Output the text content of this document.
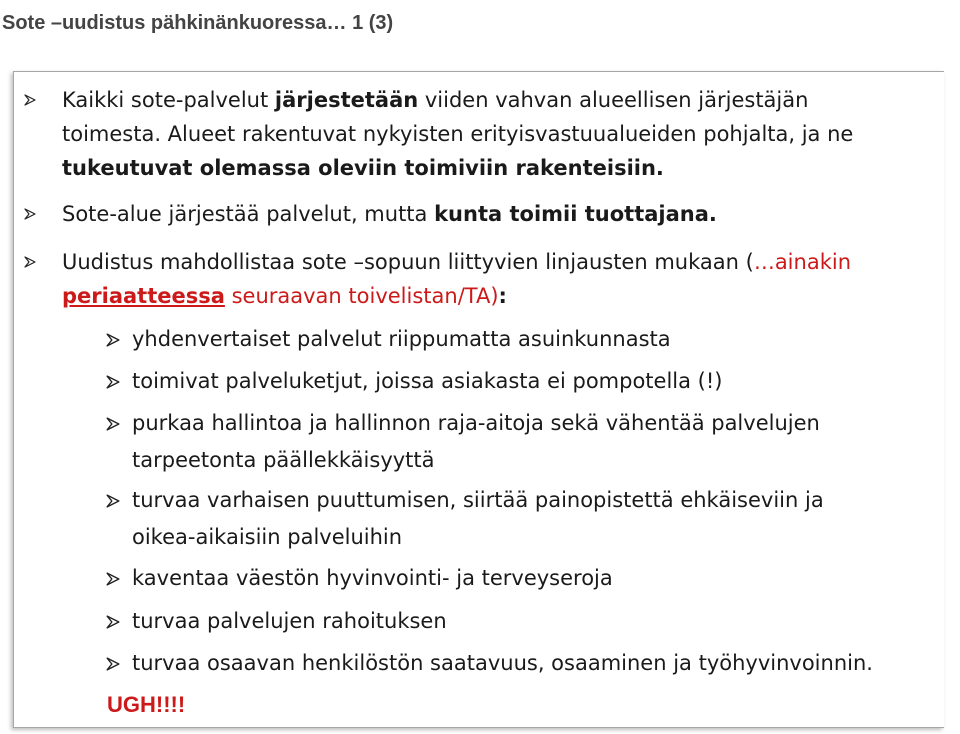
Sote –uudistus pähkinänkuoressa… 1 (3)
Kaikki sote-palvelut järjestetään viiden vahvan alueellisen järjestäjän
toimesta. Alueet rakentuvat nykyisten erityisvastuualueiden pohjalta, ja ne
tukeutuvat olemassa oleviin toimiviin rakenteisiin.
Sote-alue järjestää palvelut, mutta kunta toimii tuottajana.
Uudistus mahdollistaa sote –sopuun liittyvien linjausten mukaan (…ainakin
periaatteessa seuraavan toivelistan/TA):
yhdenvertaiset palvelut riippumatta asuinkunnasta
toimivat palveluketjut, joissa asiakasta ei pompotella (!)
purkaa hallintoa ja hallinnon raja-aitoja sekä vähentää palvelujen
tarpeetonta päällekkäisyyttä
turvaa varhaisen puuttumisen, siirtää painopistettä ehkäiseviin ja
oikea-aikaisiin palveluihin
kaventaa väestön hyvinvointi- ja terveyseroja
turvaa palvelujen rahoituksen
turvaa osaavan henkilöstön saatavuus, osaaminen ja työhyvinvoinnin.
UGH!!!!
